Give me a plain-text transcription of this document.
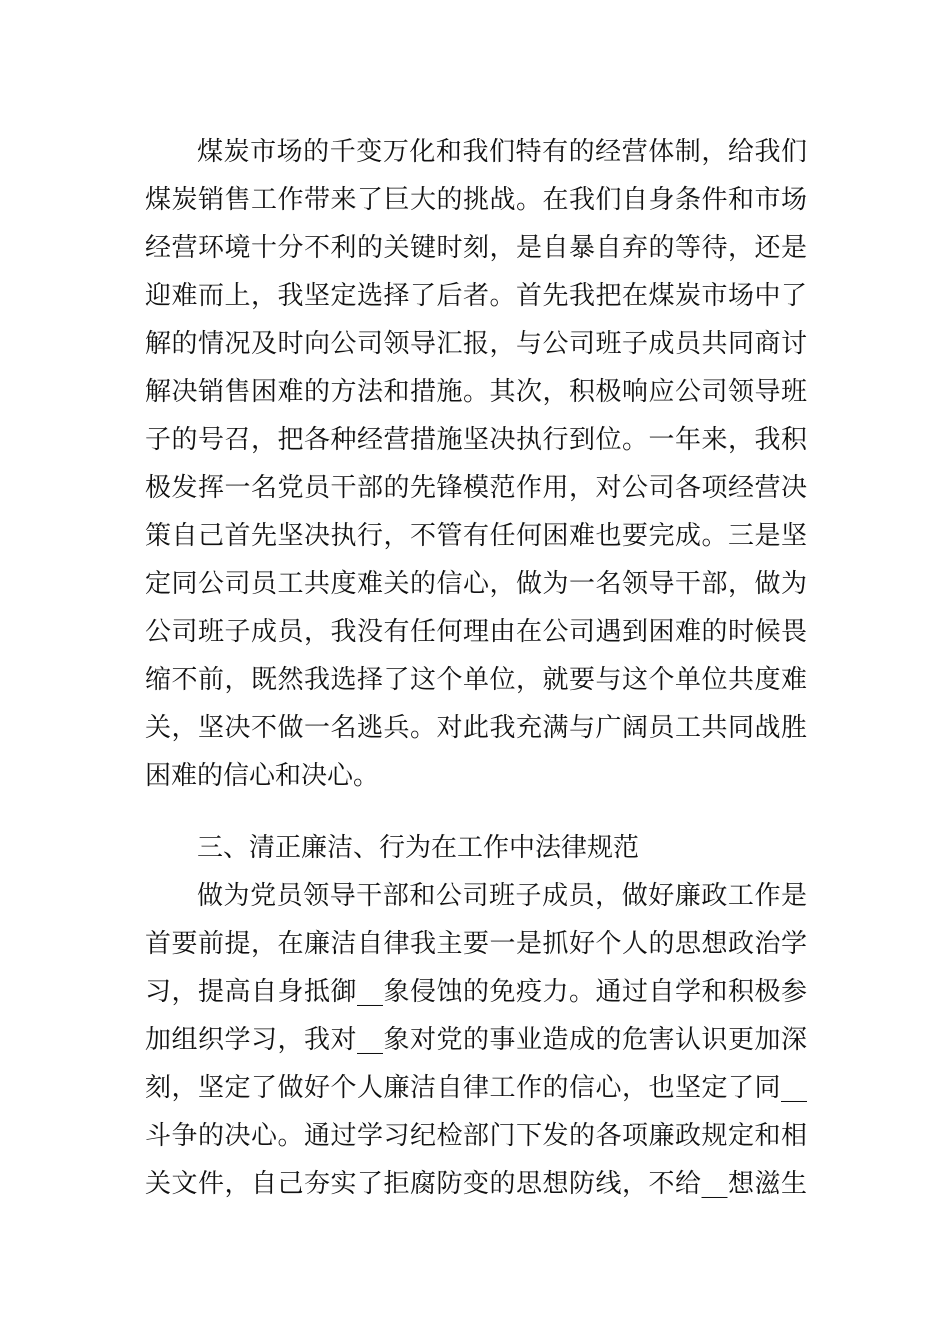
煤炭市场的千变万化和我们特有的经营体制，给我们
煤炭销售工作带来了巨大的挑战。在我们自身条件和市场
经营环境十分不利的关键时刻，是自暴自弃的等待，还是
迎难而上，我坚定选择了后者。首先我把在煤炭市场中了
解的情况及时向公司领导汇报，与公司班子成员共同商讨
解决销售困难的方法和措施。其次，积极响应公司领导班
子的号召，把各种经营措施坚决执行到位。一年来，我积
极发挥一名党员干部的先锋模范作用，对公司各项经营决
策自己首先坚决执行，不管有任何困难也要完成。三是坚
定同公司员工共度难关的信心，做为一名领导干部，做为
公司班子成员，我没有任何理由在公司遇到困难的时候畏
缩不前，既然我选择了这个单位，就要与这个单位共度难
关，坚决不做一名逃兵。对此我充满与广阔员工共同战胜
困难的信心和决心。
三、清正廉洁、行为在工作中法律规范
做为党员领导干部和公司班子成员，做好廉政工作是
首要前提，在廉洁自律我主要一是抓好个人的思想政治学
习，提高自身抵御__象侵蚀的免疫力。通过自学和积极参
加组织学习，我对__象对党的事业造成的危害认识更加深
刻，坚定了做好个人廉洁自律工作的信心，也坚定了同__
斗争的决心。通过学习纪检部门下发的各项廉政规定和相
关文件，自己夯实了拒腐防变的思想防线，不给__想滋生
